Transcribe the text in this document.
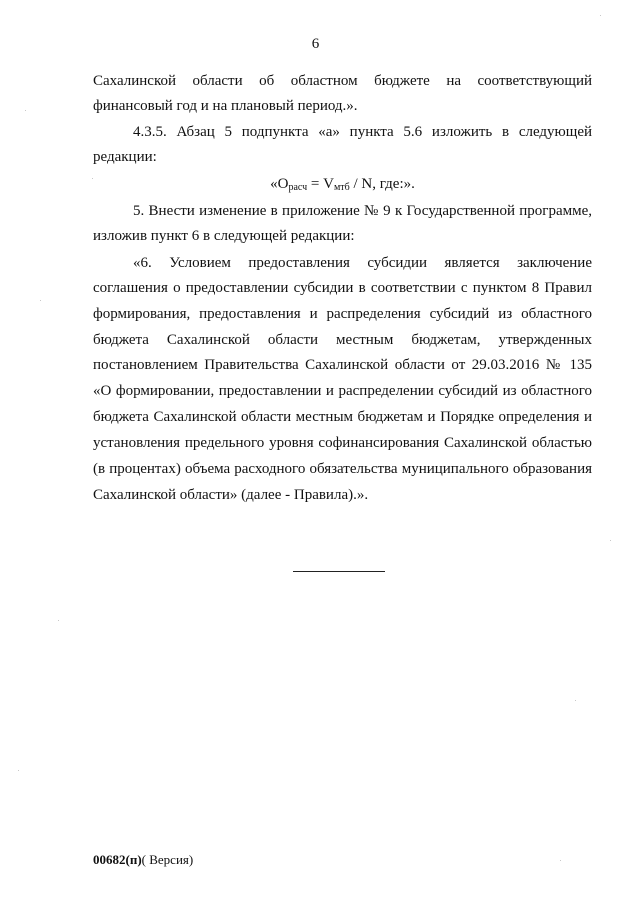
6
Сахалинской области об областном бюджете на соответствующий
финансовый год и на плановый период.».
4.3.5. Абзац 5 подпункта «а» пункта 5.6 изложить в следующей
редакции:
«$O_{расч} = V_{мтб} / N$, где:».
5. Внести изменение в приложение № 9 к Государственной программе,
изложив пункт 6 в следующей редакции:
«6. Условием предоставления субсидии является заключение
соглашения о предоставлении субсидии в соответствии с пунктом 8 Правил
формирования, предоставления и распределения субсидий из областного
бюджета Сахалинской области местным бюджетам, утвержденных
постановлением Правительства Сахалинской области от 29.03.2016 № 135
«О формировании, предоставлении и распределении субсидий из областного
бюджета Сахалинской области местным бюджетам и Порядке определения и
установления предельного уровня софинансирования Сахалинской областью
(в процентах) объема расходного обязательства муниципального образования
Сахалинской области» (далее - Правила).».
00682(п)( Версия)
